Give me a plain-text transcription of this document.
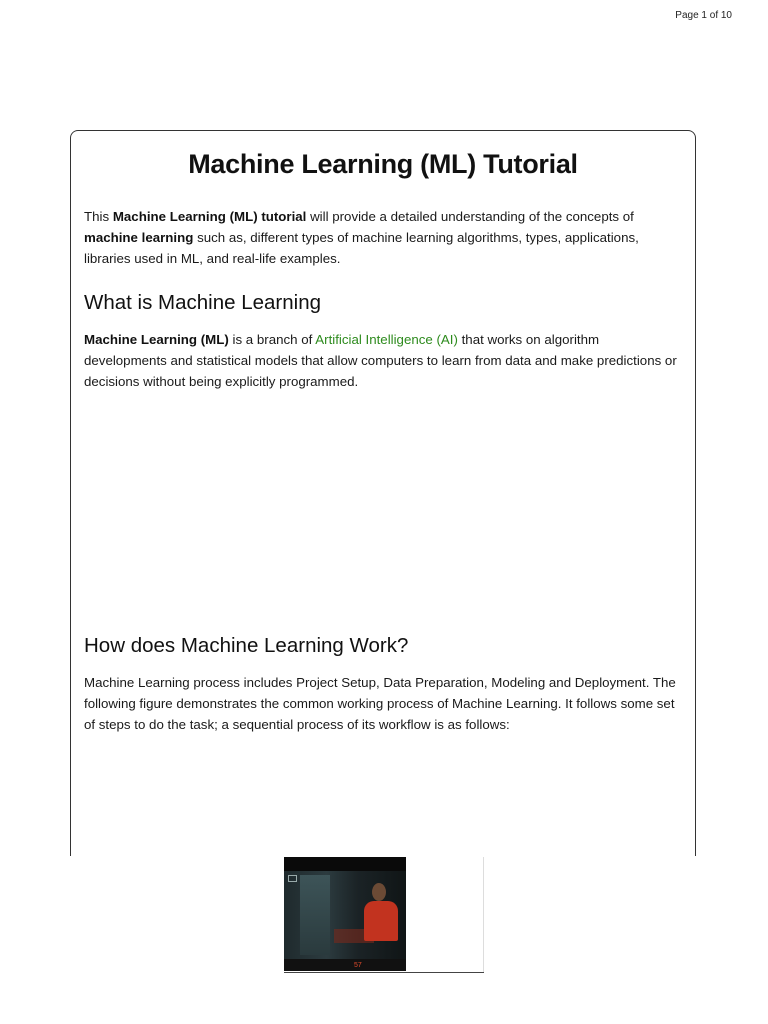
Page 1 of 10
Machine Learning (ML) Tutorial

This Machine Learning (ML) tutorial will provide a detailed understanding of the concepts of machine learning such as, different types of machine learning algorithms, types, applications, libraries used in ML, and real-life examples.

What is Machine Learning

Machine Learning (ML) is a branch of Artificial Intelligence (AI) that works on algorithm developments and statistical models that allow computers to learn from data and make predictions or decisions without being explicitly programmed.

How does Machine Learning Work?

Machine Learning process includes Project Setup, Data Preparation, Modeling and Deployment. The following figure demonstrates the common working process of Machine Learning. It follows some set of steps to do the task; a sequential process of its workflow is as follows:

57
